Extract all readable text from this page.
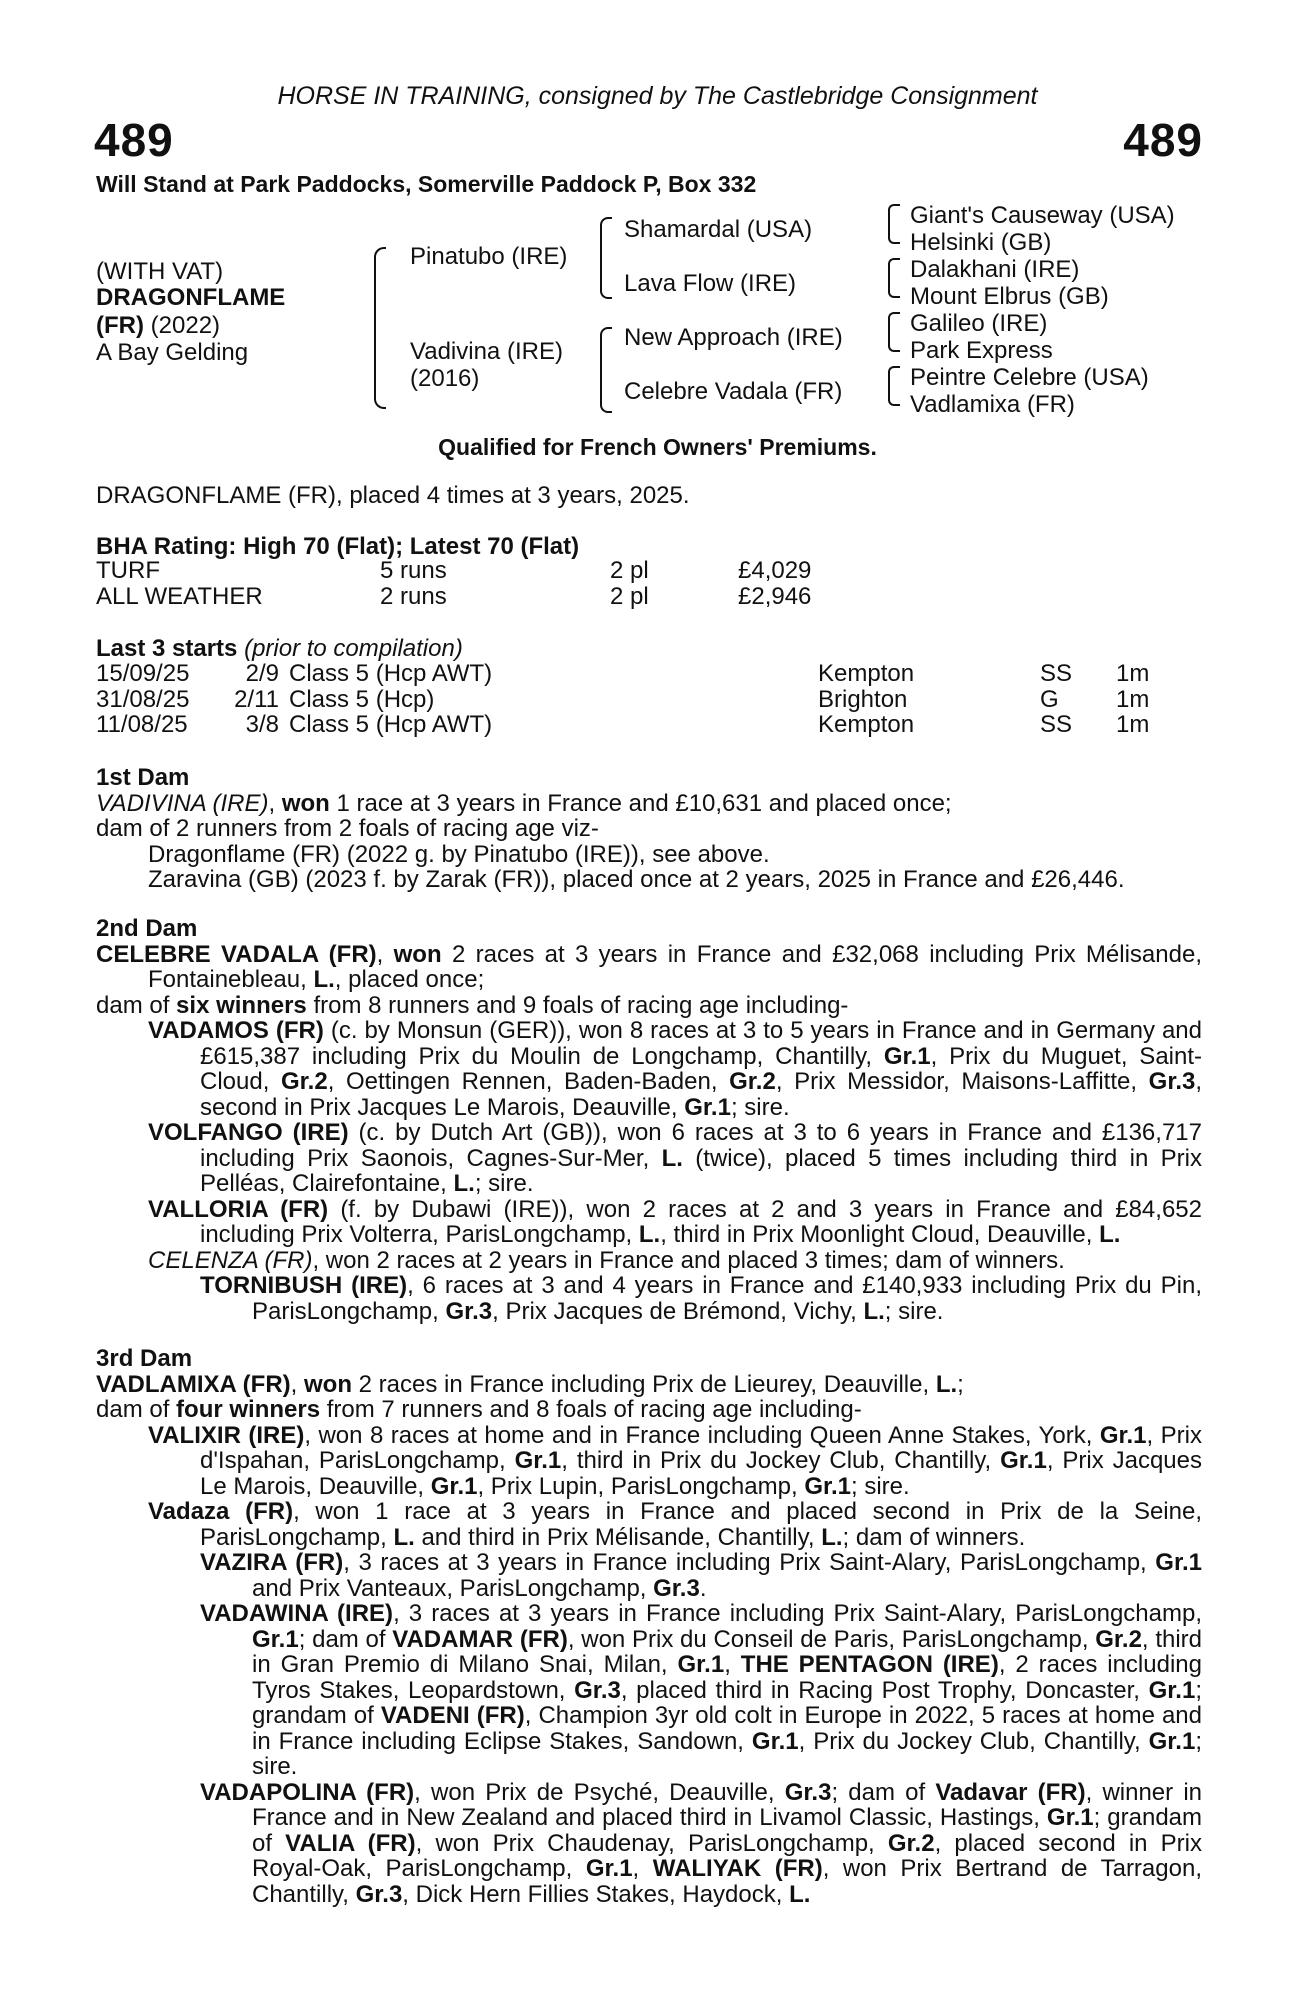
HORSE IN TRAINING, consigned by The Castlebridge Consignment
489	489
Will Stand at Park Paddocks, Somerville Paddock P, Box 332
(WITH VAT)
DRAGONFLAME
(FR) (2022)
A Bay Gelding
Pinatubo (IRE)
Vadivina (IRE)
(2016)
Shamardal (USA)
Lava Flow (IRE)
New Approach (IRE)
Celebre Vadala (FR)
Giant's Causeway (USA)
Helsinki (GB)
Dalakhani (IRE)
Mount Elbrus (GB)
Galileo (IRE)
Park Express
Peintre Celebre (USA)
Vadlamixa (FR)
Qualified for French Owners' Premiums.
DRAGONFLAME (FR), placed 4 times at 3 years, 2025.
BHA Rating: High 70 (Flat); Latest 70 (Flat)
TURF	5 runs	2 pl	£4,029
ALL WEATHER	2 runs	2 pl	£2,946
Last 3 starts (prior to compilation)
15/09/25	2/9 Class 5 (Hcp AWT)	Kempton	SS 1m
31/08/25	2/11 Class 5 (Hcp)	Brighton	G 1m
11/08/25	3/8 Class 5 (Hcp AWT)	Kempton	SS 1m
1st Dam
VADIVINA (IRE), won 1 race at 3 years in France and £10,631 and placed once;
dam of 2 runners from 2 foals of racing age viz-
Dragonflame (FR) (2022 g. by Pinatubo (IRE)), see above.
Zaravina (GB) (2023 f. by Zarak (FR)), placed once at 2 years, 2025 in France and £26,446.
2nd Dam
CELEBRE VADALA (FR), won 2 races at 3 years in France and £32,068 including Prix Mélisande, Fontainebleau, L., placed once;
dam of six winners from 8 runners and 9 foals of racing age including-
VADAMOS (FR) (c. by Monsun (GER)), won 8 races at 3 to 5 years in France and in Germany and £615,387 including Prix du Moulin de Longchamp, Chantilly, Gr.1, Prix du Muguet, Saint-Cloud, Gr.2, Oettingen Rennen, Baden-Baden, Gr.2, Prix Messidor, Maisons-Laffitte, Gr.3, second in Prix Jacques Le Marois, Deauville, Gr.1; sire.
VOLFANGO (IRE) (c. by Dutch Art (GB)), won 6 races at 3 to 6 years in France and £136,717 including Prix Saonois, Cagnes-Sur-Mer, L. (twice), placed 5 times including third in Prix Pelléas, Clairefontaine, L.; sire.
VALLORIA (FR) (f. by Dubawi (IRE)), won 2 races at 2 and 3 years in France and £84,652 including Prix Volterra, ParisLongchamp, L., third in Prix Moonlight Cloud, Deauville, L.
CELENZA (FR), won 2 races at 2 years in France and placed 3 times; dam of winners.
TORNIBUSH (IRE), 6 races at 3 and 4 years in France and £140,933 including Prix du Pin, ParisLongchamp, Gr.3, Prix Jacques de Brémond, Vichy, L.; sire.
3rd Dam
VADLAMIXA (FR), won 2 races in France including Prix de Lieurey, Deauville, L.;
dam of four winners from 7 runners and 8 foals of racing age including-
VALIXIR (IRE), won 8 races at home and in France including Queen Anne Stakes, York, Gr.1, Prix d'Ispahan, ParisLongchamp, Gr.1, third in Prix du Jockey Club, Chantilly, Gr.1, Prix Jacques Le Marois, Deauville, Gr.1, Prix Lupin, ParisLongchamp, Gr.1; sire.
Vadaza (FR), won 1 race at 3 years in France and placed second in Prix de la Seine, ParisLongchamp, L. and third in Prix Mélisande, Chantilly, L.; dam of winners.
VAZIRA (FR), 3 races at 3 years in France including Prix Saint-Alary, ParisLongchamp, Gr.1 and Prix Vanteaux, ParisLongchamp, Gr.3.
VADAWINA (IRE), 3 races at 3 years in France including Prix Saint-Alary, ParisLongchamp, Gr.1; dam of VADAMAR (FR), won Prix du Conseil de Paris, ParisLongchamp, Gr.2, third in Gran Premio di Milano Snai, Milan, Gr.1, THE PENTAGON (IRE), 2 races including Tyros Stakes, Leopardstown, Gr.3, placed third in Racing Post Trophy, Doncaster, Gr.1; grandam of VADENI (FR), Champion 3yr old colt in Europe in 2022, 5 races at home and in France including Eclipse Stakes, Sandown, Gr.1, Prix du Jockey Club, Chantilly, Gr.1; sire.
VADAPOLINA (FR), won Prix de Psyché, Deauville, Gr.3; dam of Vadavar (FR), winner in France and in New Zealand and placed third in Livamol Classic, Hastings, Gr.1; grandam of VALIA (FR), won Prix Chaudenay, ParisLongchamp, Gr.2, placed second in Prix Royal-Oak, ParisLongchamp, Gr.1, WALIYAK (FR), won Prix Bertrand de Tarragon, Chantilly, Gr.3, Dick Hern Fillies Stakes, Haydock, L.
